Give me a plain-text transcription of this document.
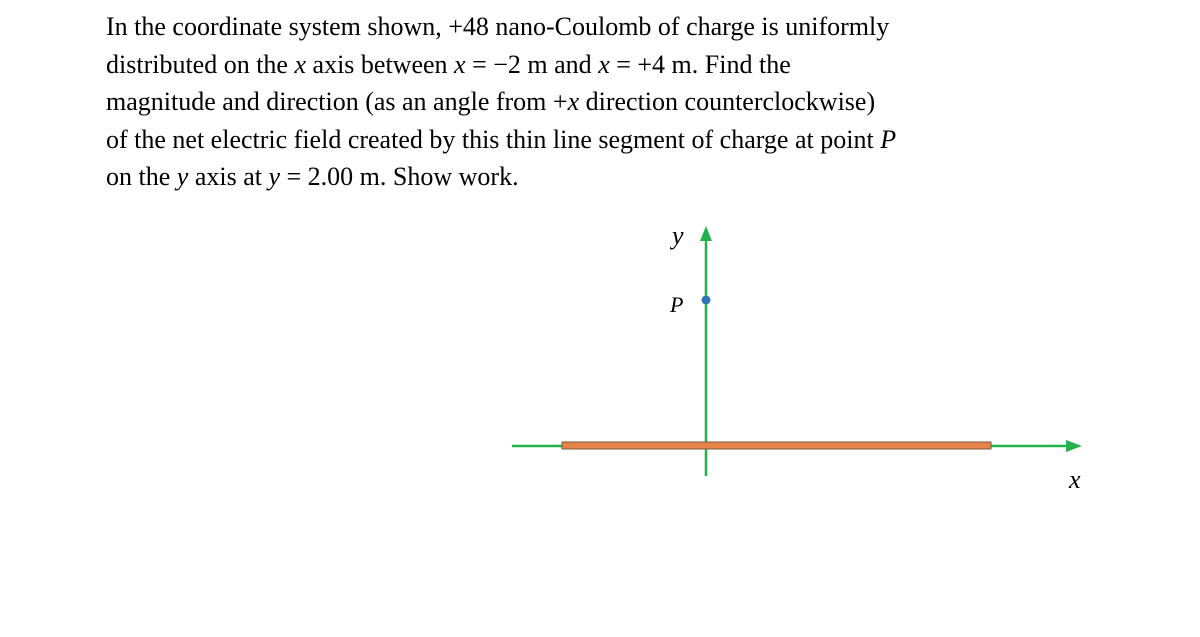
In the coordinate system shown, +48 nano-Coulomb of charge is uniformly
distributed on the x axis between x = −2 m and x = +4 m. Find the
magnitude and direction (as an angle from +x direction counterclockwise)
of the net electric field created by this thin line segment of charge at point P
on the y axis at y = 2.00 m. Show work.
y
P
x
